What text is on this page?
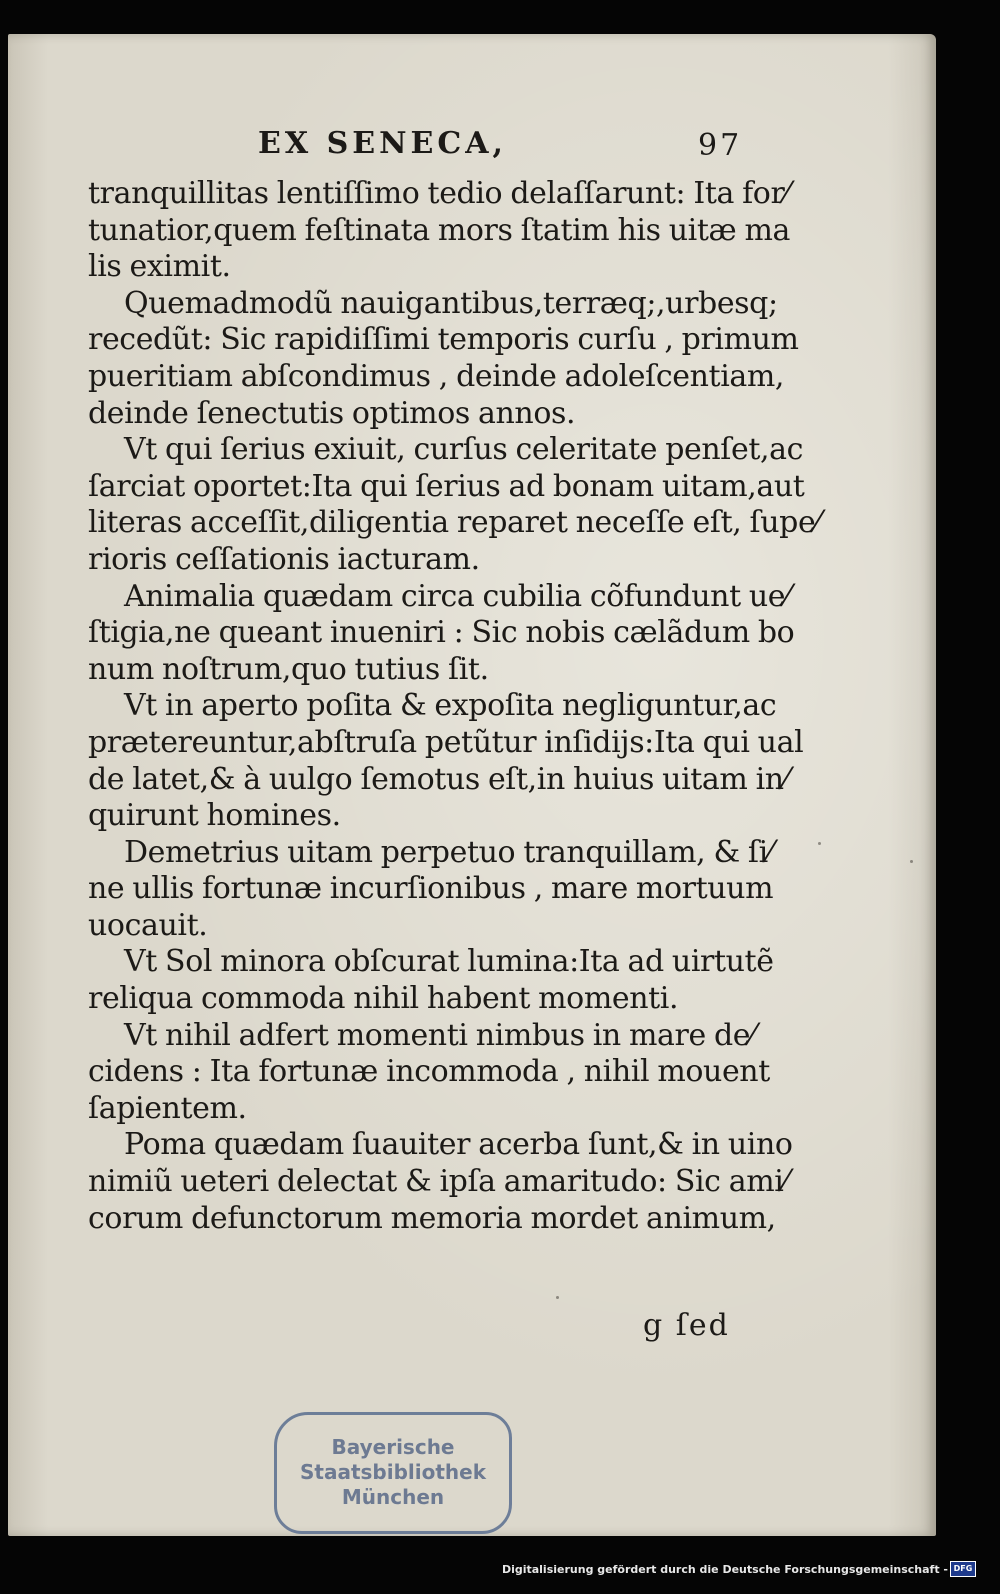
EX SENECA,	97
tranquillitas lentiſſimo tedio delaſſarunt: Ita for⁄
tunatior,quem feſtinata mors ſtatim his uitæ ma
lis eximit.
Quemadmodũ nauigantibus,terræq;,urbesq;
recedũt: Sic rapidiſſimi temporis curſu , primum
pueritiam abſcondimus , deinde adoleſcentiam,
deinde ſenectutis optimos annos.
Vt qui ſerius exiuit, curſus celeritate penſet,ac
ſarciat oportet:Ita qui ſerius ad bonam uitam,aut
literas acceſſit,diligentia reparet neceſſe eſt, ſupe⁄
rioris ceſſationis iacturam.
Animalia quædam circa cubilia cõfundunt ue⁄
ſtigia,ne queant inueniri : Sic nobis cælãdum bo
num noſtrum,quo tutius ſit.
Vt in aperto poſita & expoſita negliguntur,ac
prætereuntur,abſtruſa petũtur inſidijs:Ita qui ual
de latet,& à uulgo ſemotus eſt,in huius uitam in⁄
quirunt homines.
Demetrius uitam perpetuo tranquillam, & ſi⁄
ne ullis fortunæ incurſionibus , mare mortuum
uocauit.
Vt Sol minora obſcurat lumina:Ita ad uirtutẽ
reliqua commoda nihil habent momenti.
Vt nihil adfert momenti nimbus in mare de⁄
cidens : Ita fortunæ incommoda , nihil mouent
ſapientem.
Poma quædam ſuauiter acerba ſunt,& in uino
nimiũ ueteri delectat & ipſa amaritudo: Sic ami⁄
corum defunctorum memoria mordet animum,
g ſed
Bayerische
Staatsbibliothek
München
Digitalisierung gefördert durch die Deutsche Forschungsgemeinschaft - DFG
